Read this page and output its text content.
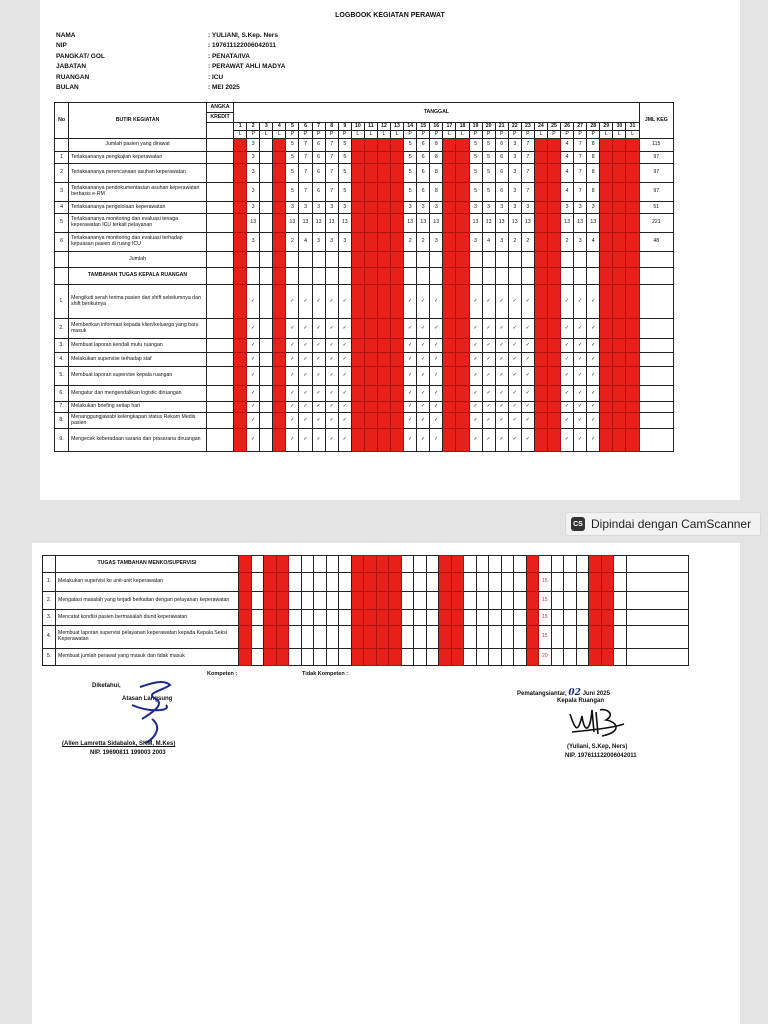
LOGBOOK KEGIATAN PERAWAT
NAMA	: YULIANI, S.Kep. Ners
NIP	: 197611122006042011
PANGKAT/ GOL	: PENATA/IVA
JABATAN	: PERAWAT AHLI MADYA
RUANGAN	: ICU
BULAN	: MEI 2025
No	BUTIR KEGIATAN	ANGKA	TANGGAL																															JML KEG
		KREDIT																																
			1	2	3	4	5	6	7	8	9	10	11	12	13	14	15	16	17	18	19	20	21	22	23	24	25	26	27	28	29	30	31	
			L	P	L	L	P	P	P	P	P	L	L	L	L	P	P	P	L	L	P	P	P	P	P	L	P	P	P	P	L	L	L	
	Jumlah pasien yang dirawat			3			5	7	6	7	5					5	6	8			5	5	6	3	7			4	7	8				115
1	Terlaksananya pengkajian keperawatan			3			5	7	6	7	5					5	6	8			5	5	6	3	7			4	7	8				97
2	Terlaksananya perencanaan asuhan keperawatan			3			5	7	6	7	5					5	6	8			5	5	6	3	7			4	7	8				97
3	Terlaksananya pendokumentasian asuhan keperawatan berbasis e-RM			3			5	7	6	7	5					5	6	8			5	5	6	3	7			4	7	8				97
4	Terlaksananya pengelolaan keperawatan			3			3	3	3	3	3					3	3	3			3	3	3	3	3			3	3	3				51
5	Terlaksananya monitoring dan evaluasi tenaga keperawatan ICU terkait pelayanan			13			13	13	13	13	13					13	13	13			13	13	13	13	13			13	13	13				221
6	Terlaksananya monitoring dan evaluasi terhadap kepuasan pasien di ruang ICU			3			2	4	3	3	3					2	2	3			3	4	3	2	2			2	3	4				48
	Jumlah																																	
	TAMBAHAN TUGAS KEPALA RUANGAN																																	
1.	Mengikuti serah terima pasien dari shift sebelumnya dan shift berikutnya			✓			✓	✓	✓	✓	✓					✓	✓	✓			✓	✓	✓	✓	✓			✓	✓	✓				
2.	Memberikan informasi kepada klien/keluarga yang baru masuk			✓			✓	✓	✓	✓	✓					✓	✓	✓			✓	✓	✓	✓	✓			✓	✓	✓				
3.	Membuat laporan kendali mutu ruangan			✓			✓	✓	✓	✓	✓					✓	✓	✓			✓	✓	✓	✓	✓			✓	✓	✓				
4.	Melakukan supervise terhadap staf			✓			✓	✓	✓	✓	✓					✓	✓	✓			✓	✓	✓	✓	✓			✓	✓	✓				
5.	Membuat laporan supervise kepala ruangan			✓			✓	✓	✓	✓	✓					✓	✓	✓			✓	✓	✓	✓	✓			✓	✓	✓				
6.	Mengatur dan mengendalikan logistic diruangan			✓			✓	✓	✓	✓	✓					✓	✓	✓			✓	✓	✓	✓	✓			✓	✓	✓				
7.	Melakukan briefing setiap hari			✓			✓	✓	✓	✓	✓					✓	✓	✓			✓	✓	✓	✓	✓			✓	✓	✓				
8.	Menanggungjawabi kelengkapan status Rekam Medis pasien			✓			✓	✓	✓	✓	✓					✓	✓	✓			✓	✓	✓	✓	✓			✓	✓	✓				
9.	Mengecek keberadaan sarana dan prasarana diruangan			✓			✓	✓	✓	✓	✓					✓	✓	✓			✓	✓	✓	✓	✓			✓	✓	✓				
CS Dipindai dengan CamScanner
	TUGAS TAMBAHAN MENKO/SUPERVISI																																
1.	Melakukan supervisi ke unit-unit keperawatan																									15							
2.	Mengatasi masalah yang terjadi berkaitan dengan pelayanan keperawatan																									15							
3.	Mencatat kondisi pasien bermasalah diunit keperawatan																									15							
4.	Membuat laporan supervisi pelayanan keperawatan kepada Kepala Seksi Keperawatan																									15							
5.	Membuat jumlah perawat yang masuk dan tidak masuk																									20							
Kompeten :	Tidak Kompeten :
Diketahui,
Atasan Langsung
(Allen Lamretta Sidabalok, SKM, M.Kes)
NIP. 19690811 199003 2003
Pematangsiantar, 02 Juni 2025
Kepala Ruangan
(Yuliani, S.Kep, Ners)
NIP. 197611122006042011
